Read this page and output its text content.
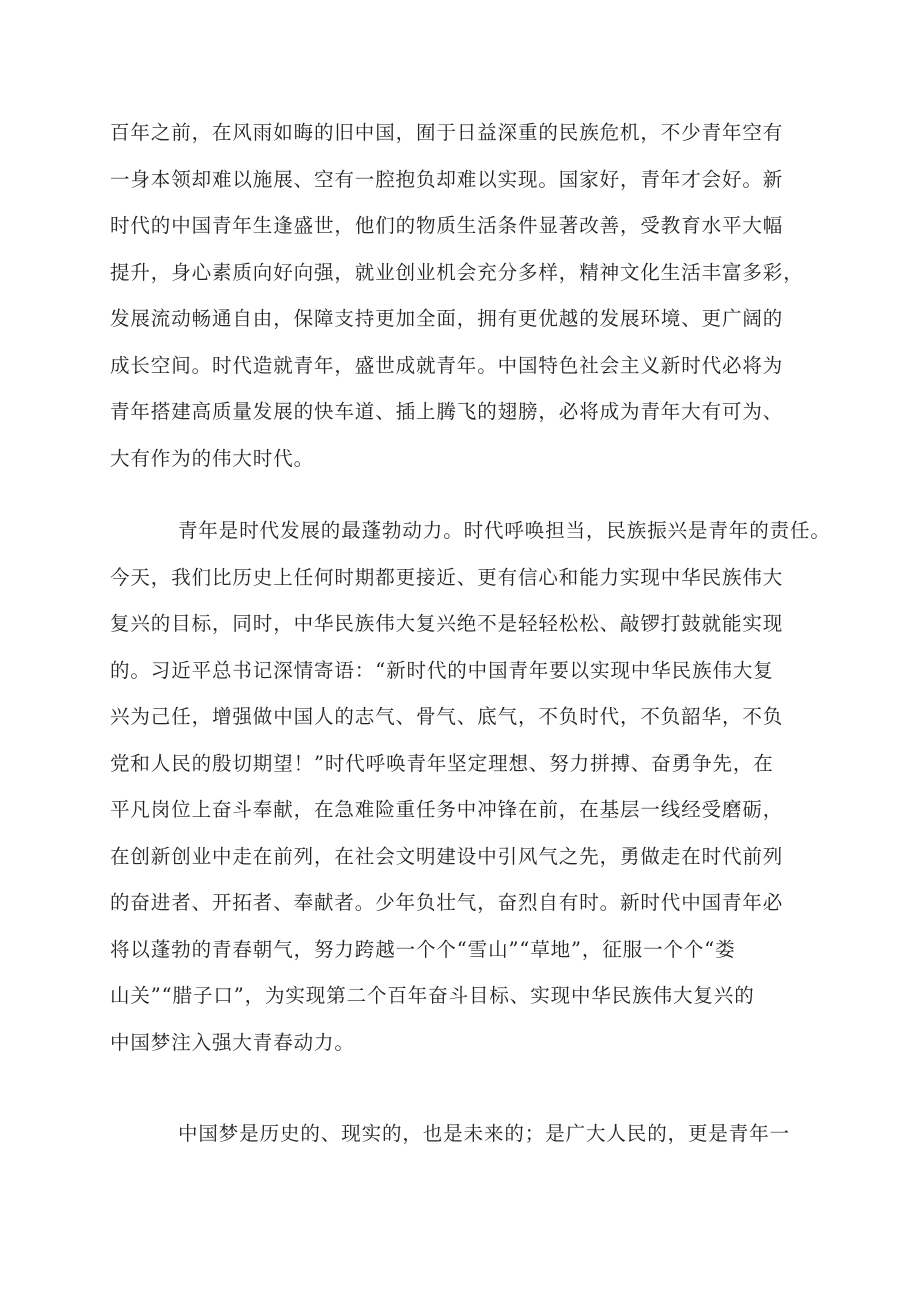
百年之前，在风雨如晦的旧中国，囿于日益深重的民族危机，不少青年空有
一身本领却难以施展、空有一腔抱负却难以实现。国家好，青年才会好。新
时代的中国青年生逢盛世，他们的物质生活条件显著改善，受教育水平大幅
提升，身心素质向好向强，就业创业机会充分多样，精神文化生活丰富多彩，
发展流动畅通自由，保障支持更加全面，拥有更优越的发展环境、更广阔的
成长空间。时代造就青年，盛世成就青年。中国特色社会主义新时代必将为
青年搭建高质量发展的快车道、插上腾飞的翅膀，必将成为青年大有可为、
大有作为的伟大时代。
青年是时代发展的最蓬勃动力。时代呼唤担当，民族振兴是青年的责任。
今天，我们比历史上任何时期都更接近、更有信心和能力实现中华民族伟大
复兴的目标，同时，中华民族伟大复兴绝不是轻轻松松、敲锣打鼓就能实现
的。习近平总书记深情寄语：“新时代的中国青年要以实现中华民族伟大复
兴为己任，增强做中国人的志气、骨气、底气，不负时代，不负韶华，不负
党和人民的殷切期望！”时代呼唤青年坚定理想、努力拼搏、奋勇争先，在
平凡岗位上奋斗奉献，在急难险重任务中冲锋在前，在基层一线经受磨砺，
在创新创业中走在前列，在社会文明建设中引风气之先，勇做走在时代前列
的奋进者、开拓者、奉献者。少年负壮气，奋烈自有时。新时代中国青年必
将以蓬勃的青春朝气，努力跨越一个个“雪山”“草地”，征服一个个“娄
山关”“腊子口”，为实现第二个百年奋斗目标、实现中华民族伟大复兴的
中国梦注入强大青春动力。
中国梦是历史的、现实的，也是未来的；是广大人民的，更是青年一
